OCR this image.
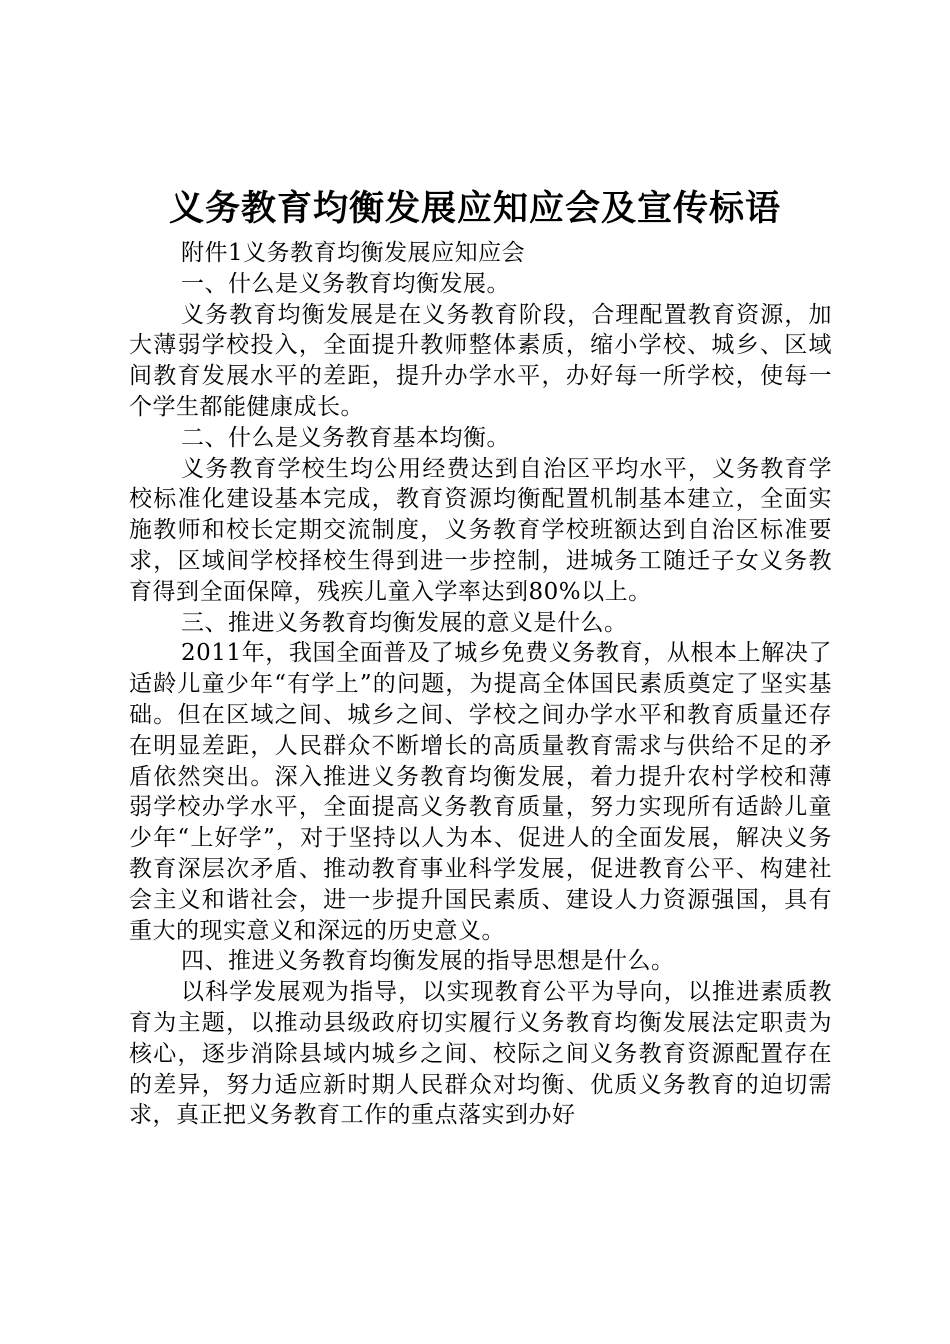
义务教育均衡发展应知应会及宣传标语

附件1义务教育均衡发展应知应会

一、什么是义务教育均衡发展。

义务教育均衡发展是在义务教育阶段，合理配置教育资源，加大薄弱学校投入，全面提升教师整体素质，缩小学校、城乡、区域间教育发展水平的差距，提升办学水平，办好每一所学校，使每一个学生都能健康成长。

二、什么是义务教育基本均衡。

义务教育学校生均公用经费达到自治区平均水平，义务教育学校标准化建设基本完成，教育资源均衡配置机制基本建立，全面实施教师和校长定期交流制度，义务教育学校班额达到自治区标准要求，区域间学校择校生得到进一步控制，进城务工随迁子女义务教育得到全面保障，残疾儿童入学率达到80%以上。

三、推进义务教育均衡发展的意义是什么。

2011年，我国全面普及了城乡免费义务教育，从根本上解决了适龄儿童少年“有学上”的问题，为提高全体国民素质奠定了坚实基础。但在区域之间、城乡之间、学校之间办学水平和教育质量还存在明显差距，人民群众不断增长的高质量教育需求与供给不足的矛盾依然突出。深入推进义务教育均衡发展，着力提升农村学校和薄弱学校办学水平，全面提高义务教育质量，努力实现所有适龄儿童少年“上好学”，对于坚持以人为本、促进人的全面发展，解决义务教育深层次矛盾、推动教育事业科学发展，促进教育公平、构建社会主义和谐社会，进一步提升国民素质、建设人力资源强国，具有重大的现实意义和深远的历史意义。

四、推进义务教育均衡发展的指导思想是什么。

以科学发展观为指导，以实现教育公平为导向，以推进素质教育为主题，以推动县级政府切实履行义务教育均衡发展法定职责为核心，逐步消除县域内城乡之间、校际之间义务教育资源配置存在的差异，努力适应新时期人民群众对均衡、优质义务教育的迫切需求，真正把义务教育工作的重点落实到办好
